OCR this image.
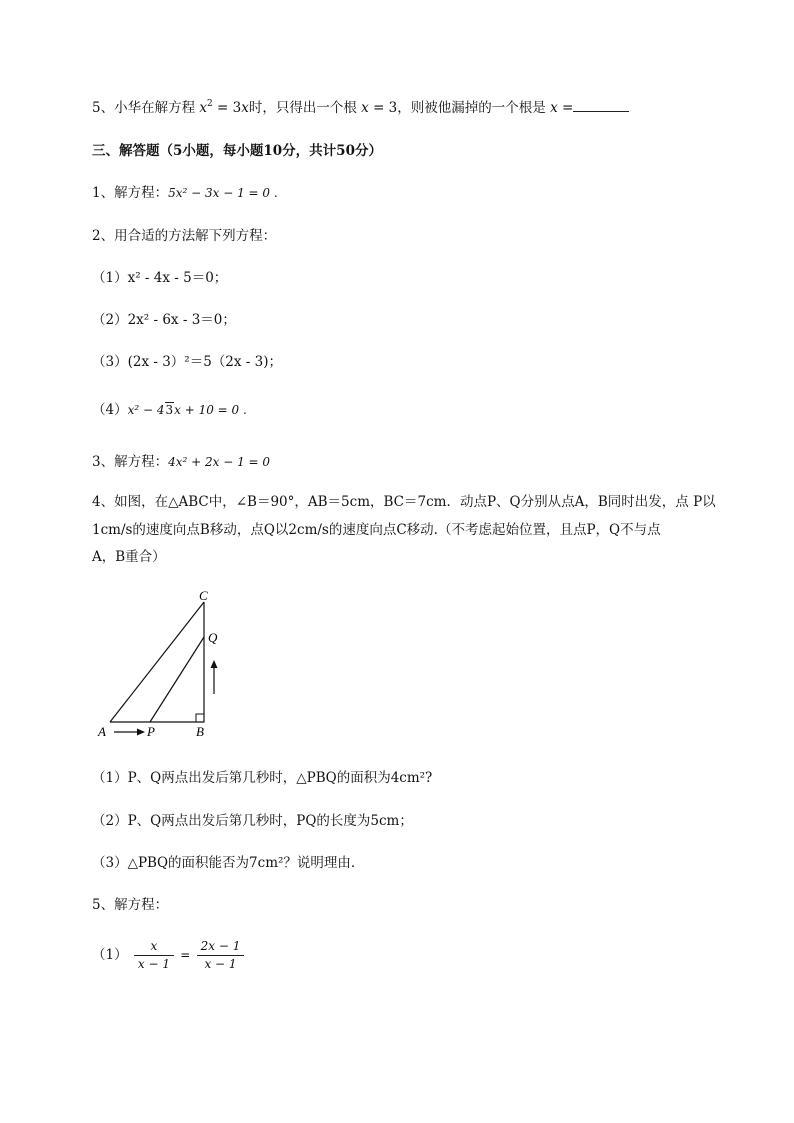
5、小华在解方程 $x^2 = 3x$时，只得出一个根 x = 3，则被他漏掉的一个根是 x =
三、解答题（5小题，每小题10分，共计50分）
1、解方程：5x² − 3x − 1 = 0 .
2、用合适的方法解下列方程：
（1）x² - 4x - 5＝0；
（2）2x² - 6x - 3＝0；
（3）(2x - 3）²＝5（2x - 3)；
（4）x² − 43x + 10 = 0 .
3、解方程：4x² + 2x − 1 = 0
4、如图，在△ABC中，∠B＝90°，AB＝5cm，BC＝7cm．动点P、Q分别从点A，B同时出发，点 P以
1cm/s的速度向点B移动，点Q以2cm/s的速度向点C移动.（不考虑起始位置，且点P，Q不与点
A，B重合）
A	P	B
C
Q
（1）P、Q两点出发后第几秒时，△PBQ的面积为4cm²?
（2）P、Q两点出发后第几秒时，PQ的长度为5cm；
（3）△PBQ的面积能否为7cm²？说明理由．
5、解方程：
$(1) \frac{x}{x - 1} = \frac{2x - 1}{x - 1}$
